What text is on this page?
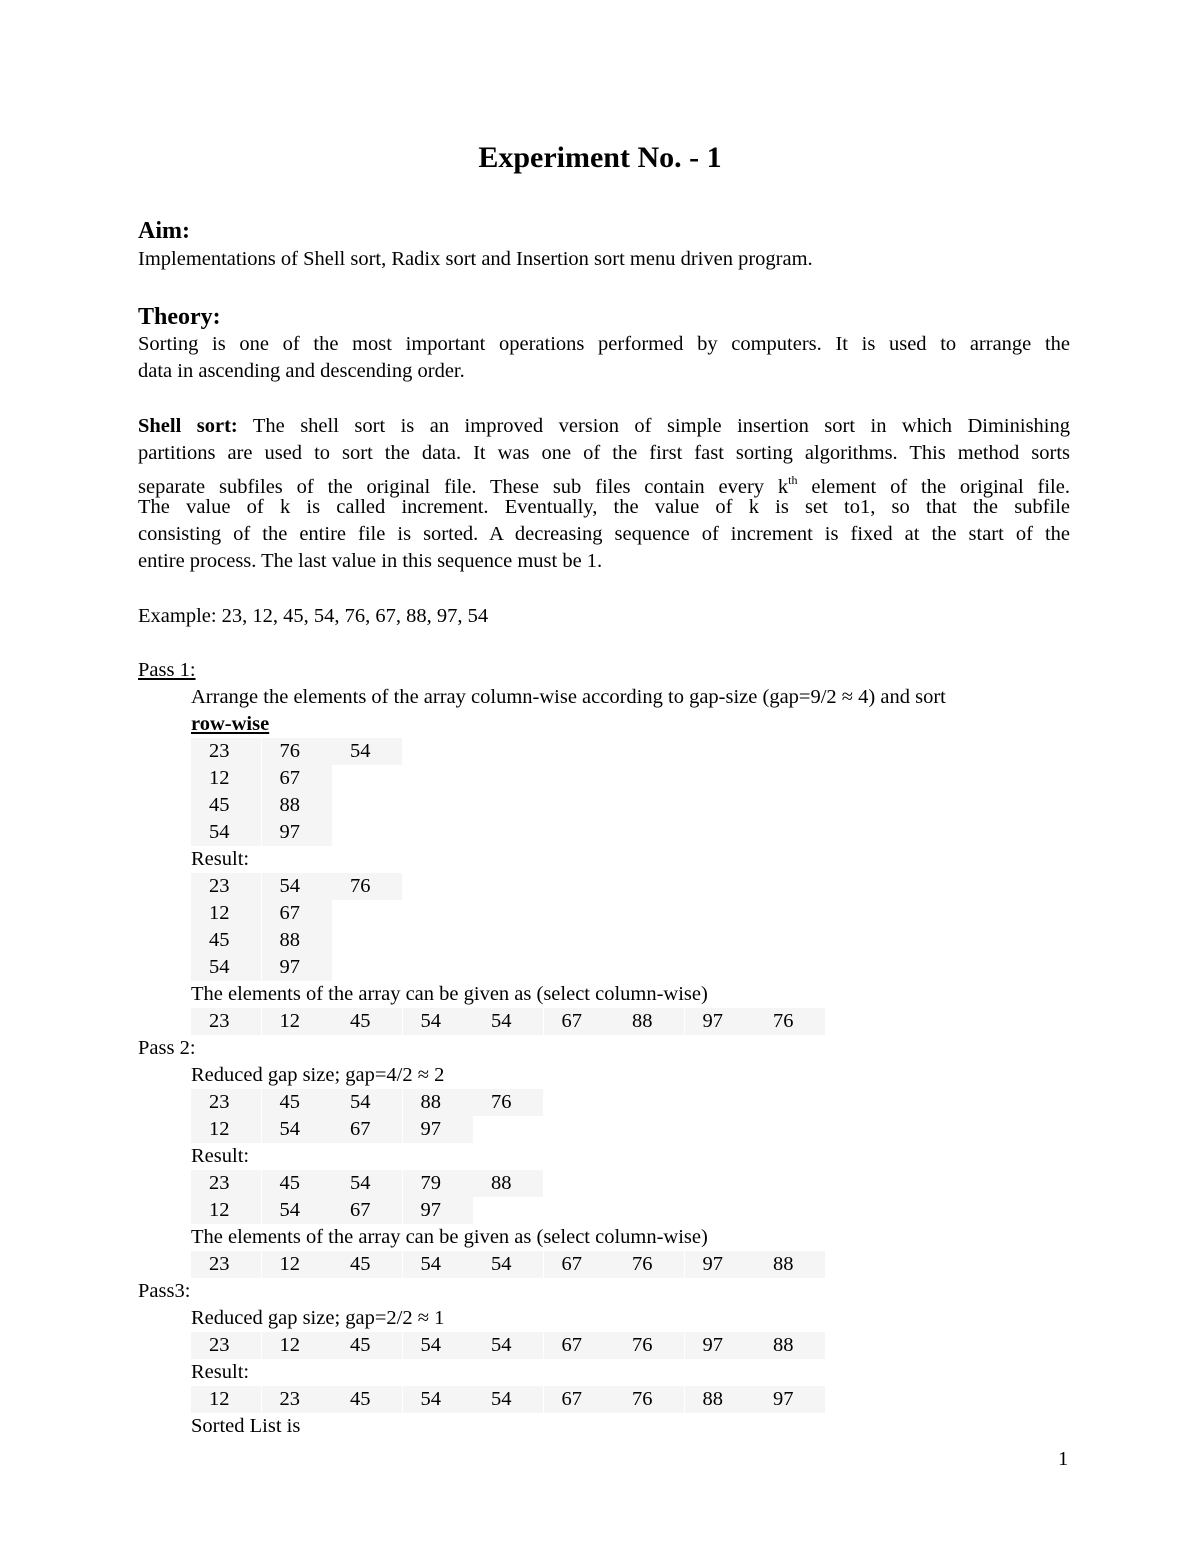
Experiment No. - 1
Aim:
Implementations of Shell sort, Radix sort and Insertion sort menu driven program.
Theory:
Sorting is one of the most important operations performed by computers. It is used to arrange the
data in ascending and descending order.
Shell sort: The shell sort is an improved version of simple insertion sort in which Diminishing
partitions are used to sort the data. It was one of the first fast sorting algorithms. This method sorts
separate subfiles of the original file. These sub files contain every $k^{th}$ element of the original file.
The value of k is called increment. Eventually, the value of k is set to1, so that the subfile
consisting of the entire file is sorted. A decreasing sequence of increment is fixed at the start of the
entire process. The last value in this sequence must be 1.
Example: 23, 12, 45, 54, 76, 67, 88, 97, 54
Pass 1:
Arrange the elements of the array column-wise according to gap-size (gap=9/2 ≈ 4) and sort
row-wise
23	76	54
12	67
45	88
54	97
Result:
23	54	76
12	67
45	88
54	97
The elements of the array can be given as (select column-wise)
23	12	45	54	54	67	88	97	76
Pass 2:
Reduced gap size; gap=4/2 ≈ 2
23	45	54	88	76
12	54	67	97
Result:
23	45	54	79	88
12	54	67	97
The elements of the array can be given as (select column-wise)
23	12	45	54	54	67	76	97	88
Pass3:
Reduced gap size; gap=2/2 ≈ 1
23	12	45	54	54	67	76	97	88
Result:
12	23	45	54	54	67	76	88	97
Sorted List is
1
